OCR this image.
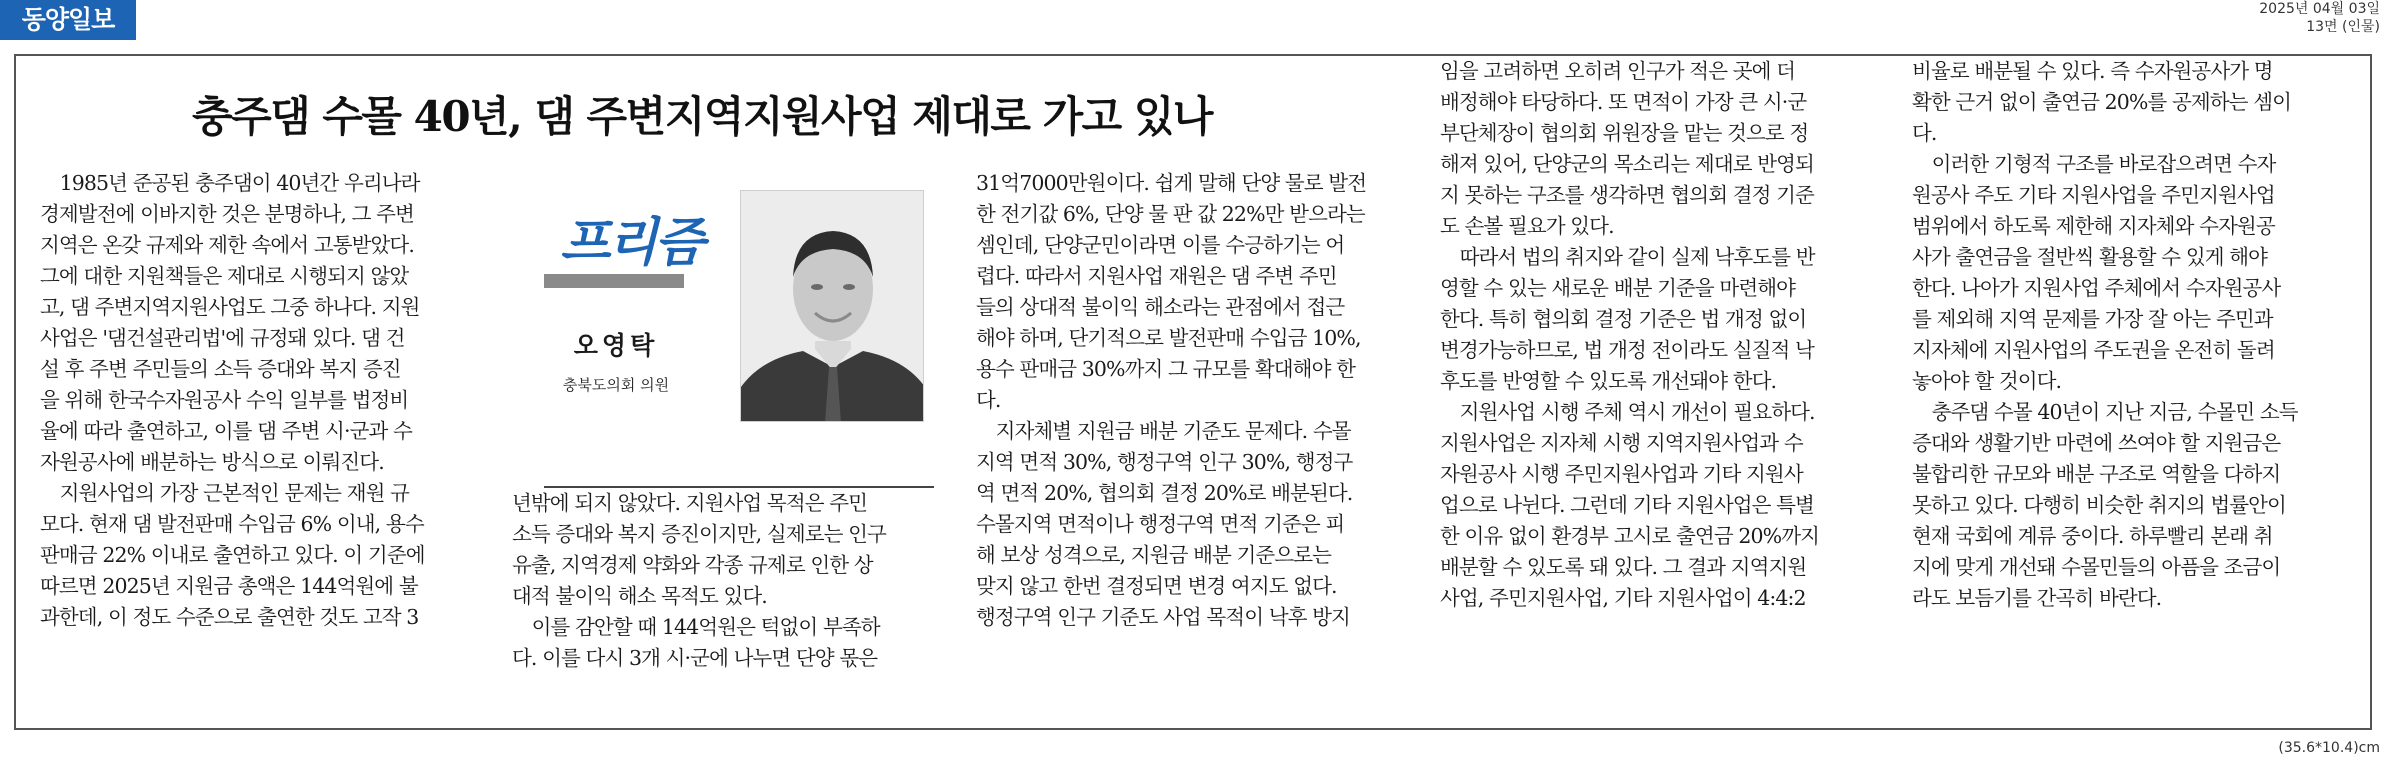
동양일보	2025년 04월 03일
13면 (인물)
충주댐 수몰 40년, 댐 주변지역지원사업 제대로 가고 있나
　1985년 준공된 충주댐이 40년간 우리나라
경제발전에 이바지한 것은 분명하나, 그 주변
지역은 온갖 규제와 제한 속에서 고통받았다.
그에 대한 지원책들은 제대로 시행되지 않았
고, 댐 주변지역지원사업도 그중 하나다. 지원
사업은 '댐건설관리법'에 규정돼 있다. 댐 건
설 후 주변 주민들의 소득 증대와 복지 증진
을 위해 한국수자원공사 수익 일부를 법정비
율에 따라 출연하고, 이를 댐 주변 시·군과 수
자원공사에 배분하는 방식으로 이뤄진다.
　지원사업의 가장 근본적인 문제는 재원 규
모다. 현재 댐 발전판매 수입금 6% 이내, 용수
판매금 22% 이내로 출연하고 있다. 이 기준에
따르면 2025년 지원금 총액은 144억원에 불
과한데, 이 정도 수준으로 출연한 것도 고작 3
프리즘
오영탁
충북도의회 의원
년밖에 되지 않았다. 지원사업 목적은 주민
소득 증대와 복지 증진이지만, 실제로는 인구
유출, 지역경제 약화와 각종 규제로 인한 상
대적 불이익 해소 목적도 있다.
　이를 감안할 때 144억원은 턱없이 부족하
다. 이를 다시 3개 시·군에 나누면 단양 몫은
31억7000만원이다. 쉽게 말해 단양 물로 발전
한 전기값 6%, 단양 물 판 값 22%만 받으라는
셈인데, 단양군민이라면 이를 수긍하기는 어
렵다. 따라서 지원사업 재원은 댐 주변 주민
들의 상대적 불이익 해소라는 관점에서 접근
해야 하며, 단기적으로 발전판매 수입금 10%,
용수 판매금 30%까지 그 규모를 확대해야 한
다.
　지자체별 지원금 배분 기준도 문제다. 수몰
지역 면적 30%, 행정구역 인구 30%, 행정구
역 면적 20%, 협의회 결정 20%로 배분된다.
수몰지역 면적이나 행정구역 면적 기준은 피
해 보상 성격으로, 지원금 배분 기준으로는
맞지 않고 한번 결정되면 변경 여지도 없다.
행정구역 인구 기준도 사업 목적이 낙후 방지
임을 고려하면 오히려 인구가 적은 곳에 더
배정해야 타당하다. 또 면적이 가장 큰 시·군
부단체장이 협의회 위원장을 맡는 것으로 정
해져 있어, 단양군의 목소리는 제대로 반영되
지 못하는 구조를 생각하면 협의회 결정 기준
도 손볼 필요가 있다.
　따라서 법의 취지와 같이 실제 낙후도를 반
영할 수 있는 새로운 배분 기준을 마련해야
한다. 특히 협의회 결정 기준은 법 개정 없이
변경가능하므로, 법 개정 전이라도 실질적 낙
후도를 반영할 수 있도록 개선돼야 한다.
　지원사업 시행 주체 역시 개선이 필요하다.
지원사업은 지자체 시행 지역지원사업과 수
자원공사 시행 주민지원사업과 기타 지원사
업으로 나뉜다. 그런데 기타 지원사업은 특별
한 이유 없이 환경부 고시로 출연금 20%까지
배분할 수 있도록 돼 있다. 그 결과 지역지원
사업, 주민지원사업, 기타 지원사업이 4:4:2
비율로 배분될 수 있다. 즉 수자원공사가 명
확한 근거 없이 출연금 20%를 공제하는 셈이
다.
　이러한 기형적 구조를 바로잡으려면 수자
원공사 주도 기타 지원사업을 주민지원사업
범위에서 하도록 제한해 지자체와 수자원공
사가 출연금을 절반씩 활용할 수 있게 해야
한다. 나아가 지원사업 주체에서 수자원공사
를 제외해 지역 문제를 가장 잘 아는 주민과
지자체에 지원사업의 주도권을 온전히 돌려
놓아야 할 것이다.
　충주댐 수몰 40년이 지난 지금, 수몰민 소득
증대와 생활기반 마련에 쓰여야 할 지원금은
불합리한 규모와 배분 구조로 역할을 다하지
못하고 있다. 다행히 비슷한 취지의 법률안이
현재 국회에 계류 중이다. 하루빨리 본래 취
지에 맞게 개선돼 수몰민들의 아픔을 조금이
라도 보듬기를 간곡히 바란다.
(35.6*10.4)cm
